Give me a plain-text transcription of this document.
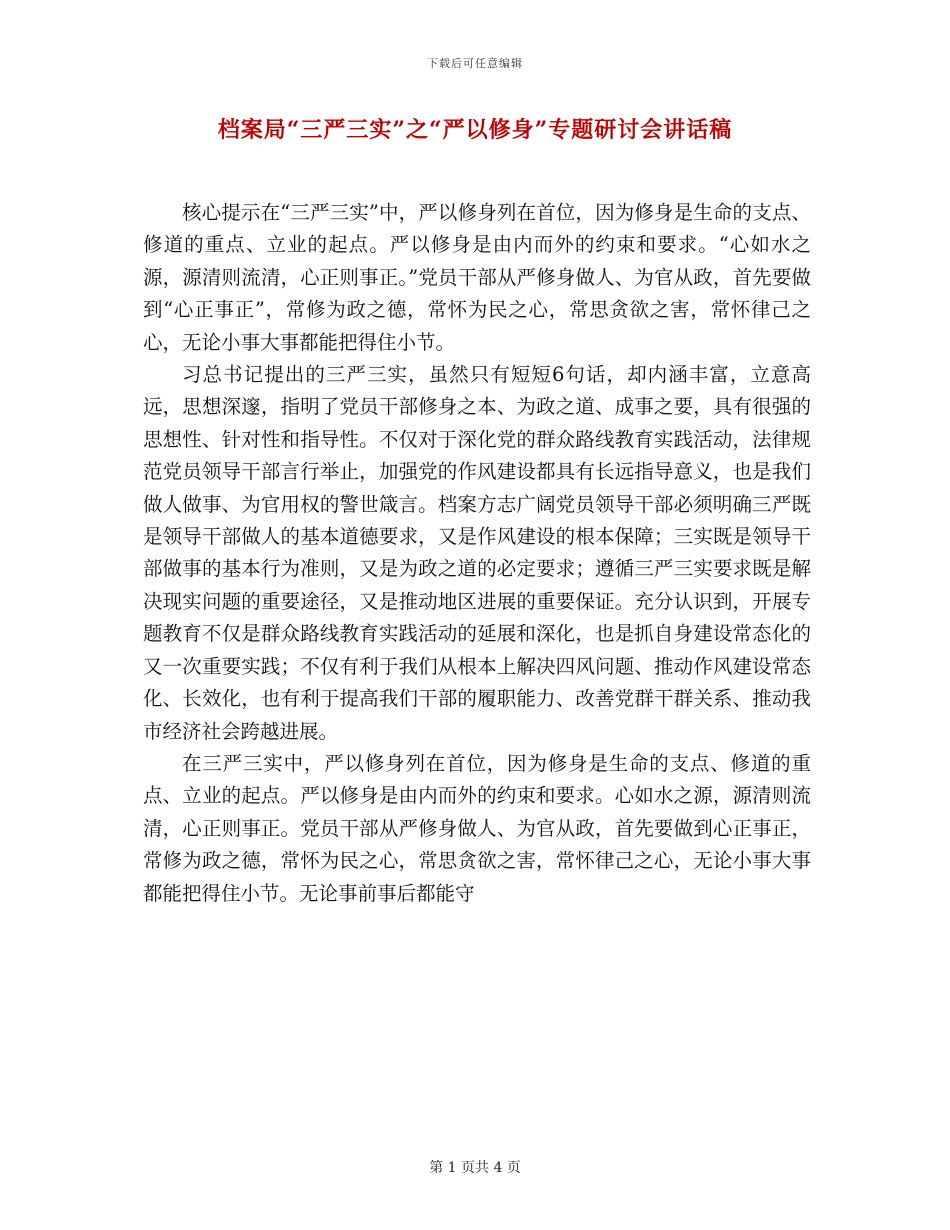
下载后可任意编辑
档案局“三严三实”之“严以修身”专题研讨会讲话稿

核心提示在“三严三实”中，严以修身列在首位，因为修身是生命的支点、修道的重点、立业的起点。严以修身是由内而外的约束和要求。“心如水之源，源清则流清，心正则事正。”党员干部从严修身做人、为官从政，首先要做到“心正事正”，常修为政之德，常怀为民之心，常思贪欲之害，常怀律己之心，无论小事大事都能把得住小节。

习总书记提出的三严三实，虽然只有短短6句话，却内涵丰富，立意高远，思想深邃，指明了党员干部修身之本、为政之道、成事之要，具有很强的思想性、针对性和指导性。不仅对于深化党的群众路线教育实践活动，法律规范党员领导干部言行举止，加强党的作风建设都具有长远指导意义，也是我们做人做事、为官用权的警世箴言。档案方志广阔党员领导干部必须明确三严既是领导干部做人的基本道德要求，又是作风建设的根本保障；三实既是领导干部做事的基本行为准则，又是为政之道的必定要求；遵循三严三实要求既是解决现实问题的重要途径，又是推动地区进展的重要保证。充分认识到，开展专题教育不仅是群众路线教育实践活动的延展和深化，也是抓自身建设常态化的又一次重要实践；不仅有利于我们从根本上解决四风问题、推动作风建设常态化、长效化，也有利于提高我们干部的履职能力、改善党群干群关系、推动我市经济社会跨越进展。

在三严三实中，严以修身列在首位，因为修身是生命的支点、修道的重点、立业的起点。严以修身是由内而外的约束和要求。心如水之源，源清则流清，心正则事正。党员干部从严修身做人、为官从政，首先要做到心正事正，常修为政之德，常怀为民之心，常思贪欲之害，常怀律己之心，无论小事大事都能把得住小节。无论事前事后都能守

第 1 页共 4 页
